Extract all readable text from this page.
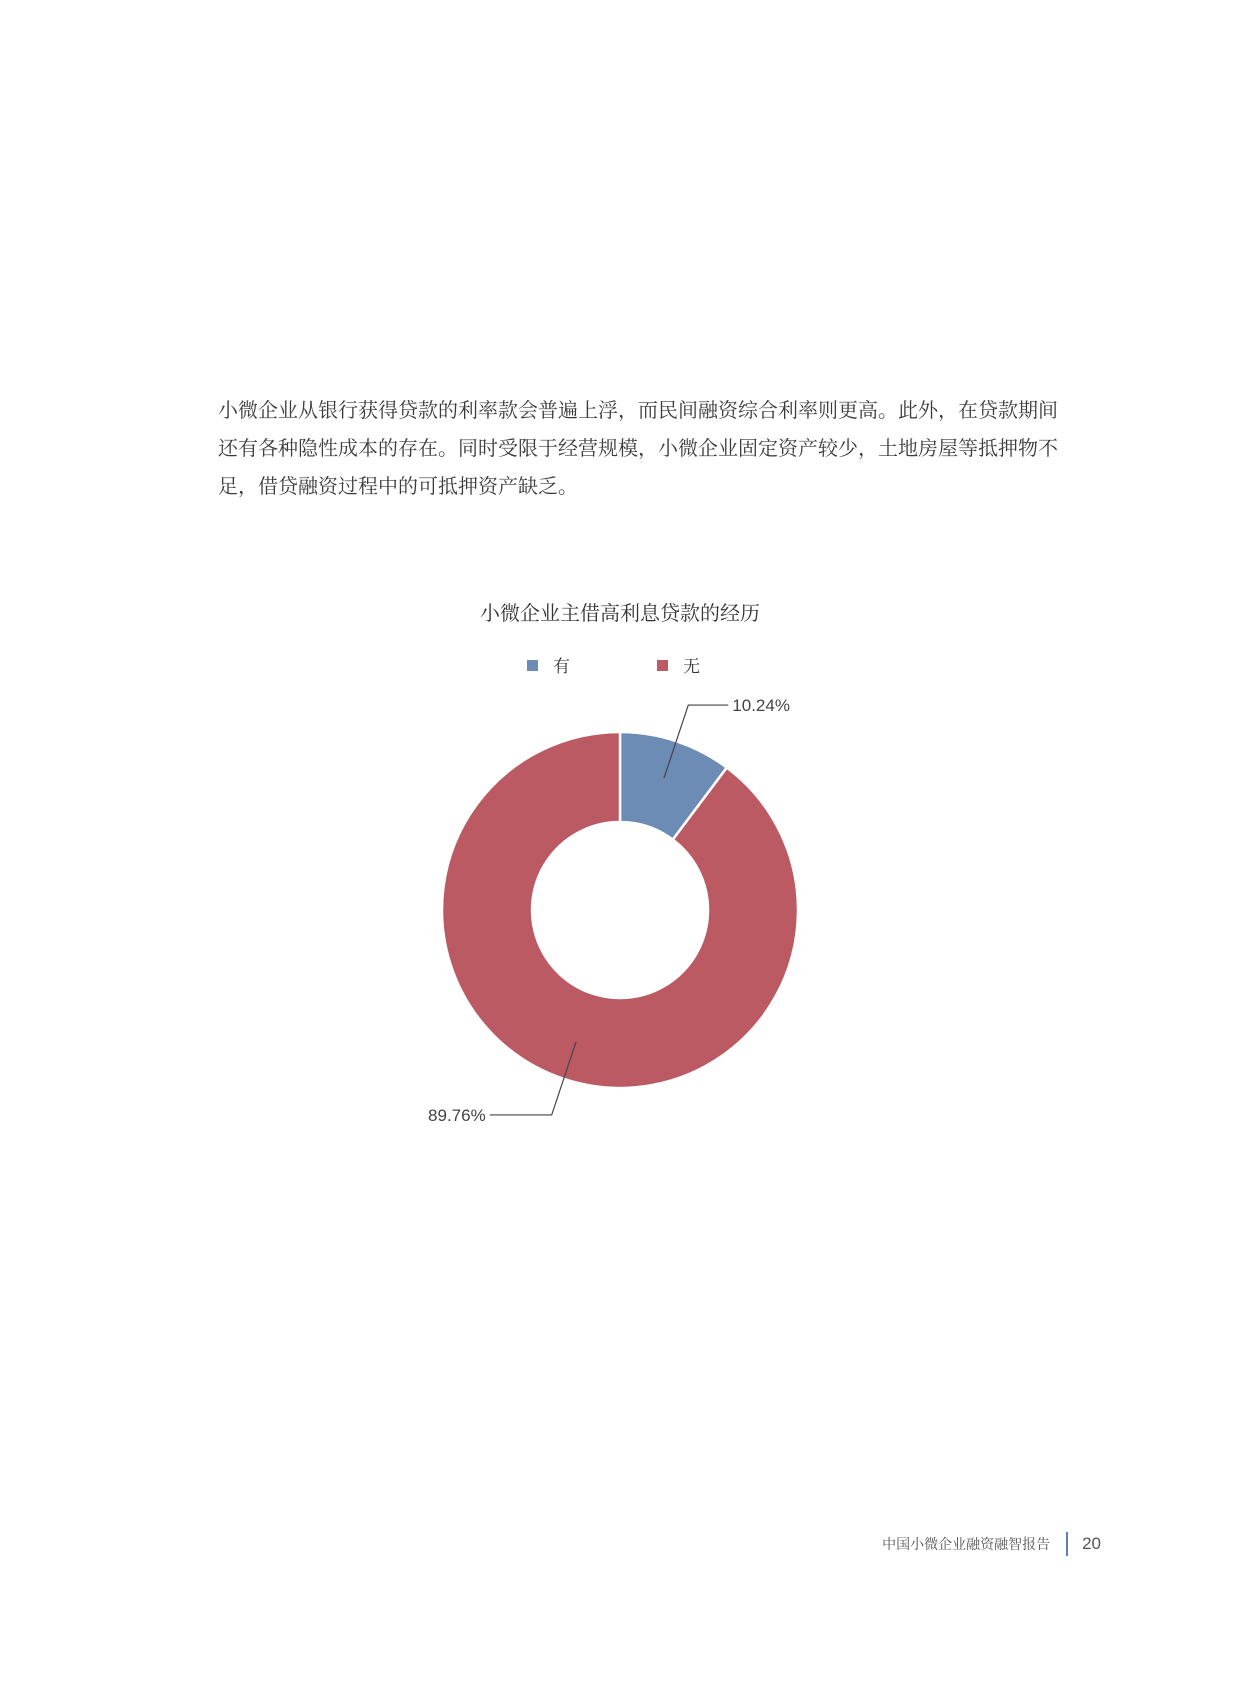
小微企业从银行获得贷款的利率款会普遍上浮，而民间融资综合利率则更高。此外，在贷款期间还有各种隐性成本的存在。同时受限于经营规模，小微企业固定资产较少，土地房屋等抵押物不足，借贷融资过程中的可抵押资产缺乏。

小微企业主借高利息贷款的经历
有	无
10.24%
89.76%
中国小微企业融资融智报告 20
